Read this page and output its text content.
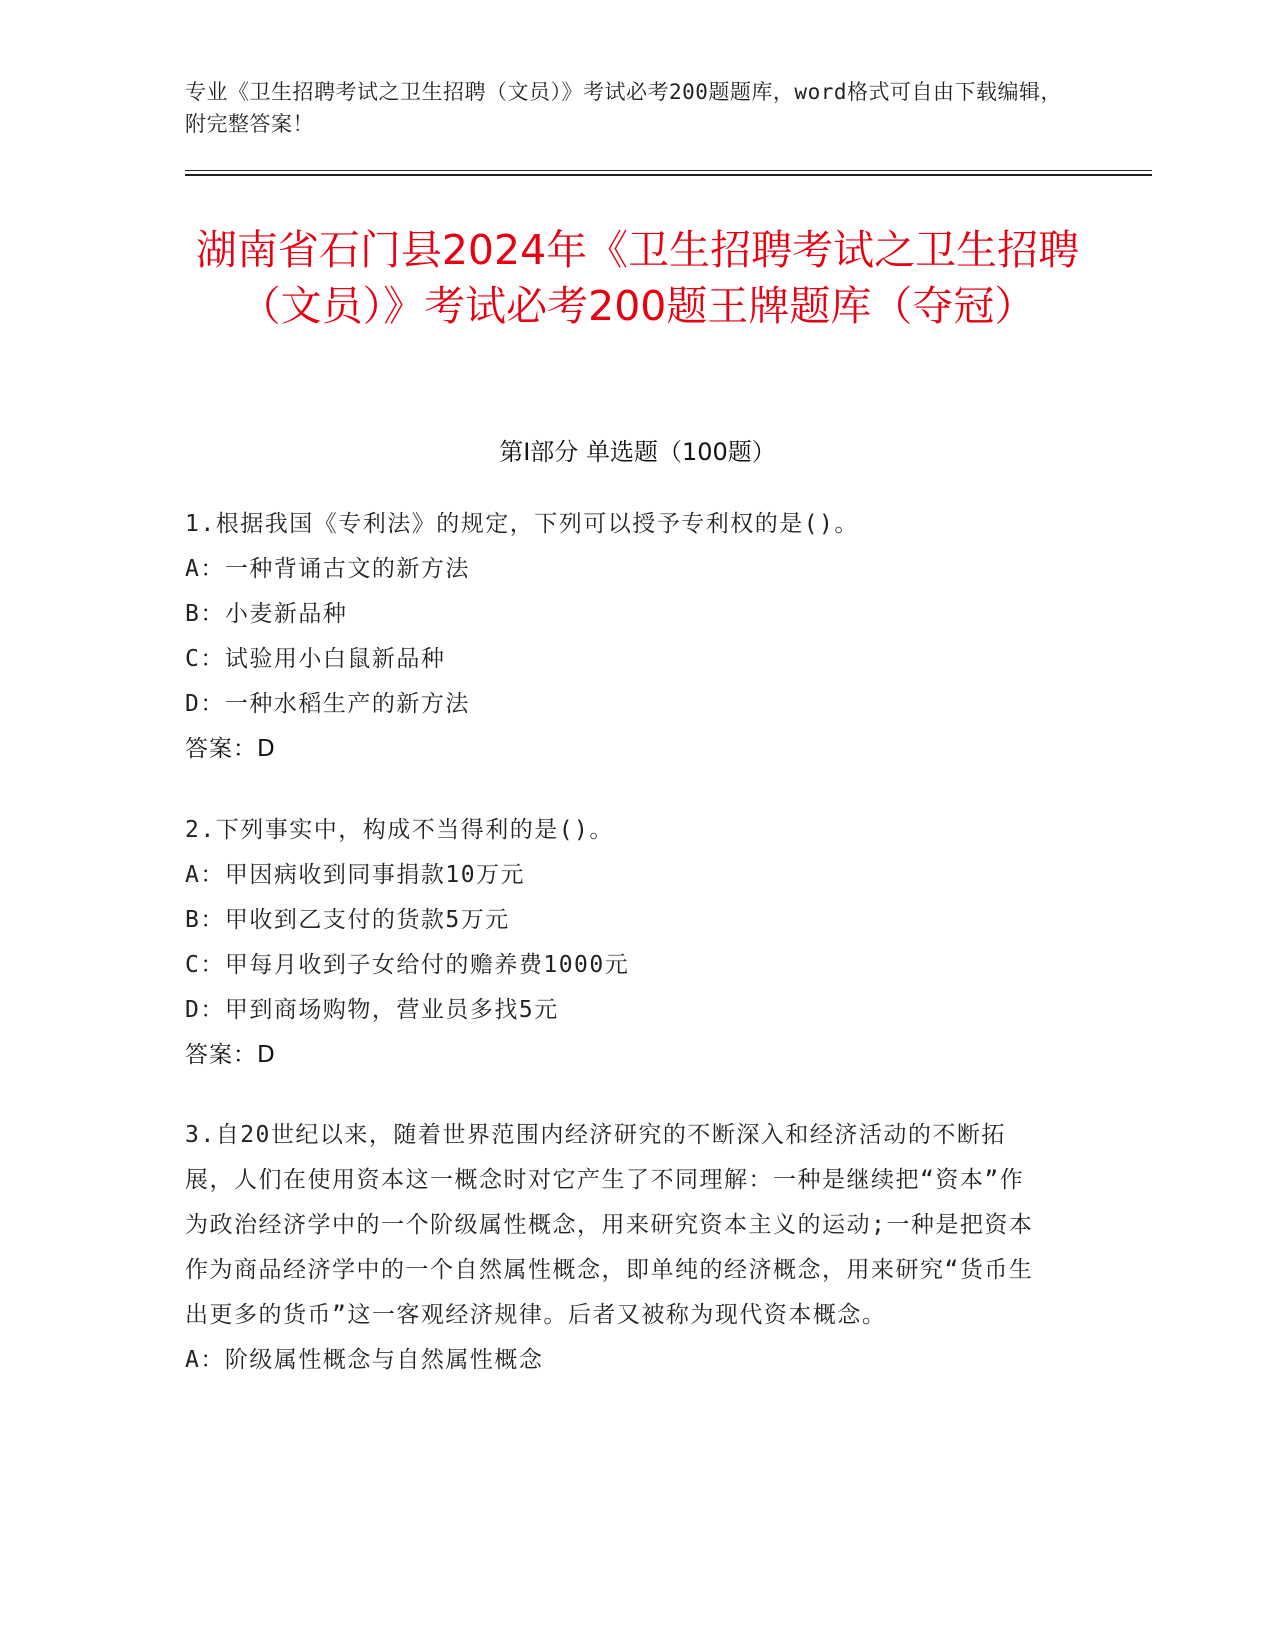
专业《卫生招聘考试之卫生招聘（文员）》考试必考200题题库，word格式可自由下载编辑，附完整答案！
湖南省石门县2024年《卫生招聘考试之卫生招聘（文员）》考试必考200题王牌题库（夺冠）
第Ⅰ部分 单选题（100题）
1.根据我国《专利法》的规定，下列可以授予专利权的是()。
A：一种背诵古文的新方法
B：小麦新品种
C：试验用小白鼠新品种
D：一种水稻生产的新方法
答案：D
2.下列事实中，构成不当得利的是()。
A：甲因病收到同事捐款10万元
B：甲收到乙支付的货款5万元
C：甲每月收到子女给付的赡养费1000元
D：甲到商场购物，营业员多找5元
答案：D
3.自20世纪以来，随着世界范围内经济研究的不断深入和经济活动的不断拓展，人们在使用资本这一概念时对它产生了不同理解：一种是继续把“资本”作为政治经济学中的一个阶级属性概念，用来研究资本主义的运动;一种是把资本作为商品经济学中的一个自然属性概念，即单纯的经济概念，用来研究“货币生出更多的货币”这一客观经济规律。后者又被称为现代资本概念。
A：阶级属性概念与自然属性概念
